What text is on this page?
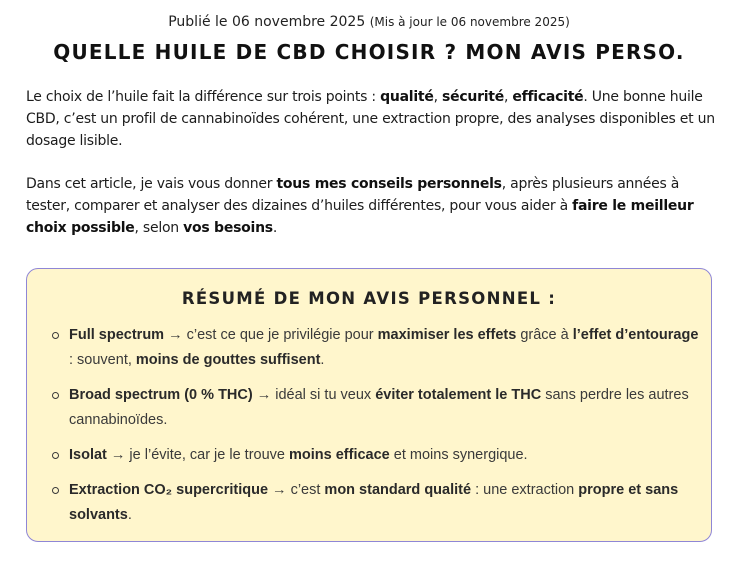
Publié le 06 novembre 2025 (Mis à jour le 06 novembre 2025)
QUELLE HUILE DE CBD CHOISIR ? MON AVIS PERSO.

Le choix de l’huile fait la différence sur trois points : qualité, sécurité, efficacité. Une bonne huile CBD, c’est un profil de cannabinoïdes cohérent, une extraction propre, des analyses disponibles et un dosage lisible.

Dans cet article, je vais vous donner tous mes conseils personnels, après plusieurs années à tester, comparer et analyser des dizaines d’huiles différentes, pour vous aider à faire le meilleur choix possible, selon vos besoins.

RÉSUMÉ DE MON AVIS PERSONNEL :
Full spectrum → c’est ce que je privilégie pour maximiser les effets grâce à l’effet d’entourage : souvent, moins de gouttes suffisent.
Broad spectrum (0 % THC) → idéal si tu veux éviter totalement le THC sans perdre les autres cannabinoïdes.
Isolat → je l’évite, car je le trouve moins efficace et moins synergique.
Extraction CO₂ supercritique → c’est mon standard qualité : une extraction propre et sans solvants.
